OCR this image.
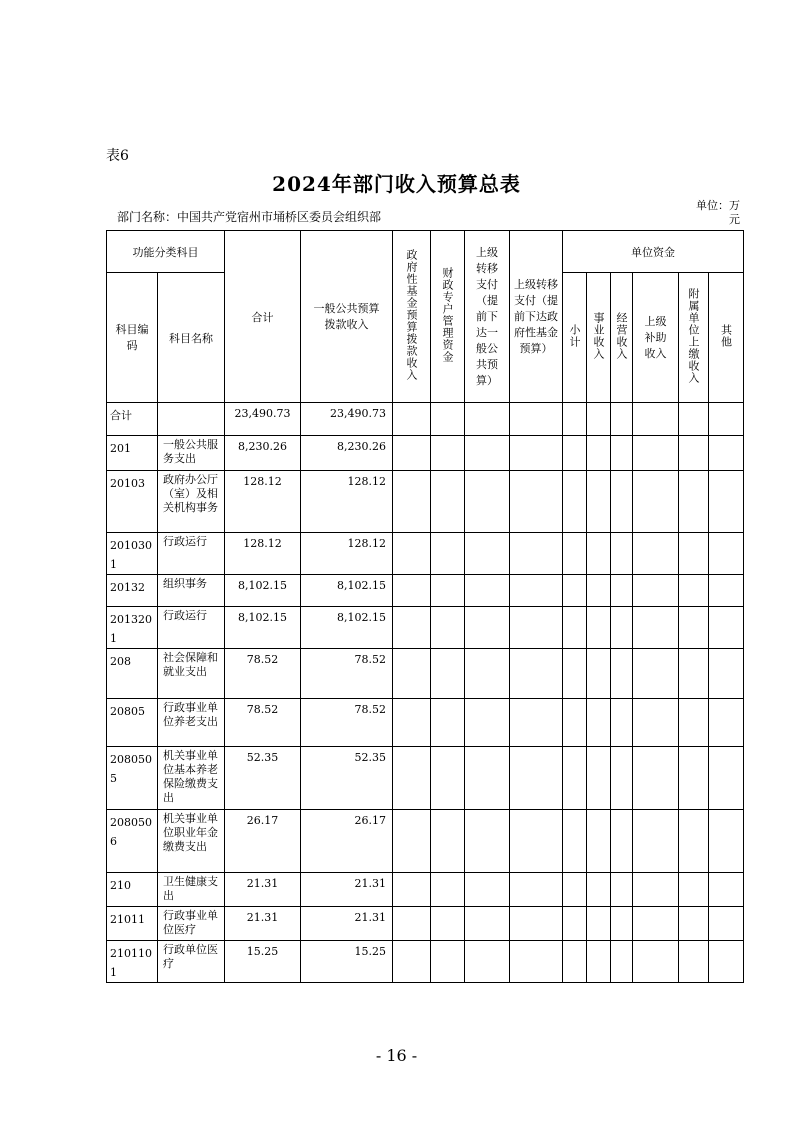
表6
2024年部门收入预算总表
部门名称：中国共产党宿州市埇桥区委员会组织部
单位：万元
功能分类科目		合计	一般公共预算拨款收入	政府性基金预算拨款收入	财政专户管理资金	上级转移支付（提前下达一般公共预算）	上级转移支付（提前下达政府性基金预算）	单位资金					

科目编码	科目名称							小计	事业收入	经营收入	上级补助收入	附属单位上缴收入	其他
合计		23,490.73	23,490.73										
201	一般公共服务支出	8,230.26	8,230.26										
20103	政府办公厅（室）及相关机构事务	128.12	128.12										
2010301	行政运行	128.12	128.12										
20132	组织事务	8,102.15	8,102.15										
2013201	行政运行	8,102.15	8,102.15										
208	社会保障和就业支出	78.52	78.52										
20805	行政事业单位养老支出	78.52	78.52										
2080505	机关事业单位基本养老保险缴费支出	52.35	52.35										
2080506	机关事业单位职业年金缴费支出	26.17	26.17										
210	卫生健康支出	21.31	21.31										
21011	行政事业单位医疗	21.31	21.31										
2101101	行政单位医疗	15.25	15.25										
- 16 -
